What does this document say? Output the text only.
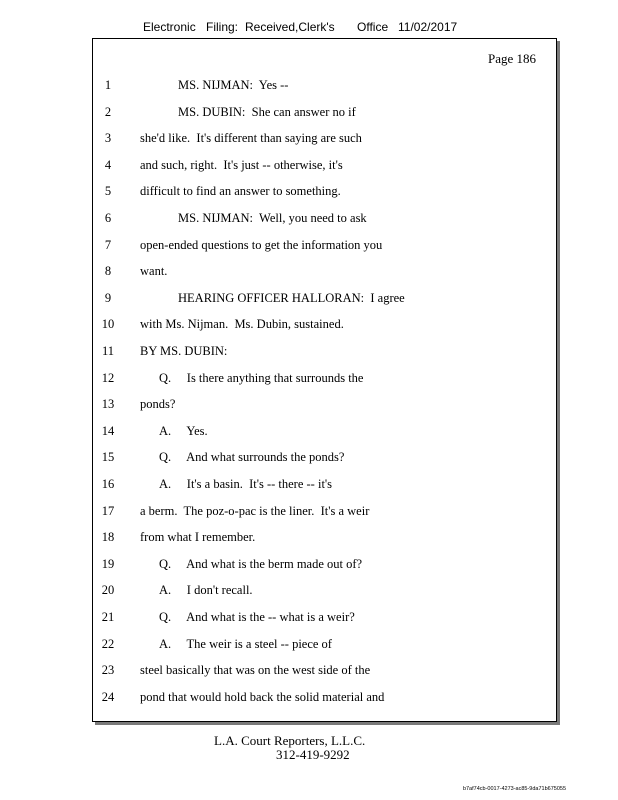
Electronic Filing: Received,Clerk's Office 11/02/2017
Page 186
1	MS. NIJMAN:  Yes --
2	MS. DUBIN:  She can answer no if
3	she'd like.  It's different than saying are such
4	and such, right.  It's just -- otherwise, it's
5	difficult to find an answer to something.
6	MS. NIJMAN:  Well, you need to ask
7	open-ended questions to get the information you
8	want.
9	HEARING OFFICER HALLORAN:  I agree
10	with Ms. Nijman.  Ms. Dubin, sustained.
11	BY MS. DUBIN:
12	Q.     Is there anything that surrounds the
13	ponds?
14	A.     Yes.
15	Q.     And what surrounds the ponds?
16	A.     It's a basin.  It's -- there -- it's
17	a berm.  The poz-o-pac is the liner.  It's a weir
18	from what I remember.
19	Q.     And what is the berm made out of?
20	A.     I don't recall.
21	Q.     And what is the -- what is a weir?
22	A.     The weir is a steel -- piece of
23	steel basically that was on the west side of the
24	pond that would hold back the solid material and
L.A. Court Reporters, L.L.C.
312-419-9292
b7af74cb-0017-4273-ac85-9da71b675055
